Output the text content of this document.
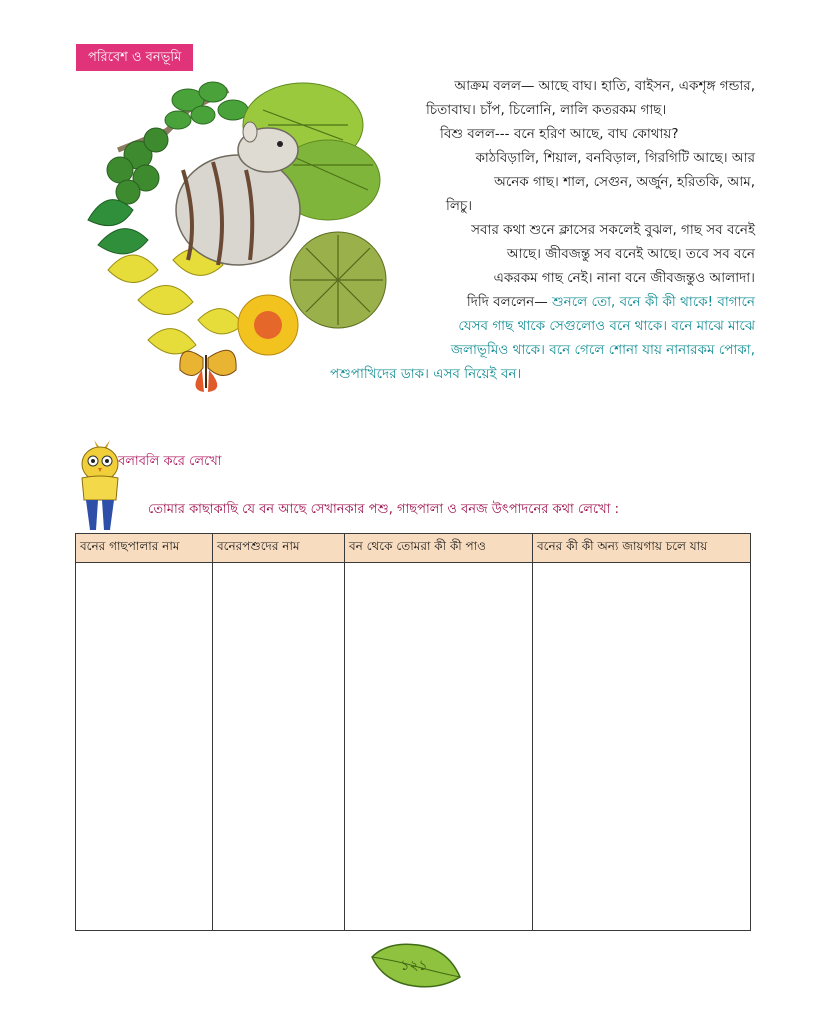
পরিবেশ ও বনভূমি
আক্রম বলল— আছে বাঘ। হাতি, বাইসন, একশৃঙ্গ গন্ডার,
চিতাবাঘ। চাঁপ, চিলোনি, লালি কতরকম গাছ।
বিশু বলল--- বনে হরিণ আছে, বাঘ কোথায়?
কাঠবিড়ালি, শিয়াল, বনবিড়াল, গিরগিটি আছে। আর
অনেক গাছ। শাল, সেগুন, অর্জুন, হরিতকি, আম,
লিচু।
সবার কথা শুনে ক্লাসের সকলেই বুঝল, গাছ সব বনেই
আছে। জীবজন্তু সব বনেই আছে। তবে সব বনে
একরকম গাছ নেই। নানা বনে জীবজন্তুও আলাদা।
দিদি বললেন— শুনলে তো, বনে কী কী থাকে! বাগানে
যেসব গাছ থাকে সেগুলোও বনে থাকে। বনে মাঝে মাঝে
জলাভূমিও থাকে। বনে গেলে শোনা যায় নানারকম পোকা,
পশুপাখিদের ডাক। এসব নিয়েই বন।
বলাবলি করে লেখো
তোমার কাছাকাছি যে বন আছে সেখানকার পশু, গাছপালা ও বনজ উৎপাদনের কথা লেখো :
বনের গাছপালার নাম	বনেরপশুদের নাম	বন থেকে তোমরা কী কী পাও	বনের কী কী অন্য জায়গায় চলে যায়

১২১
